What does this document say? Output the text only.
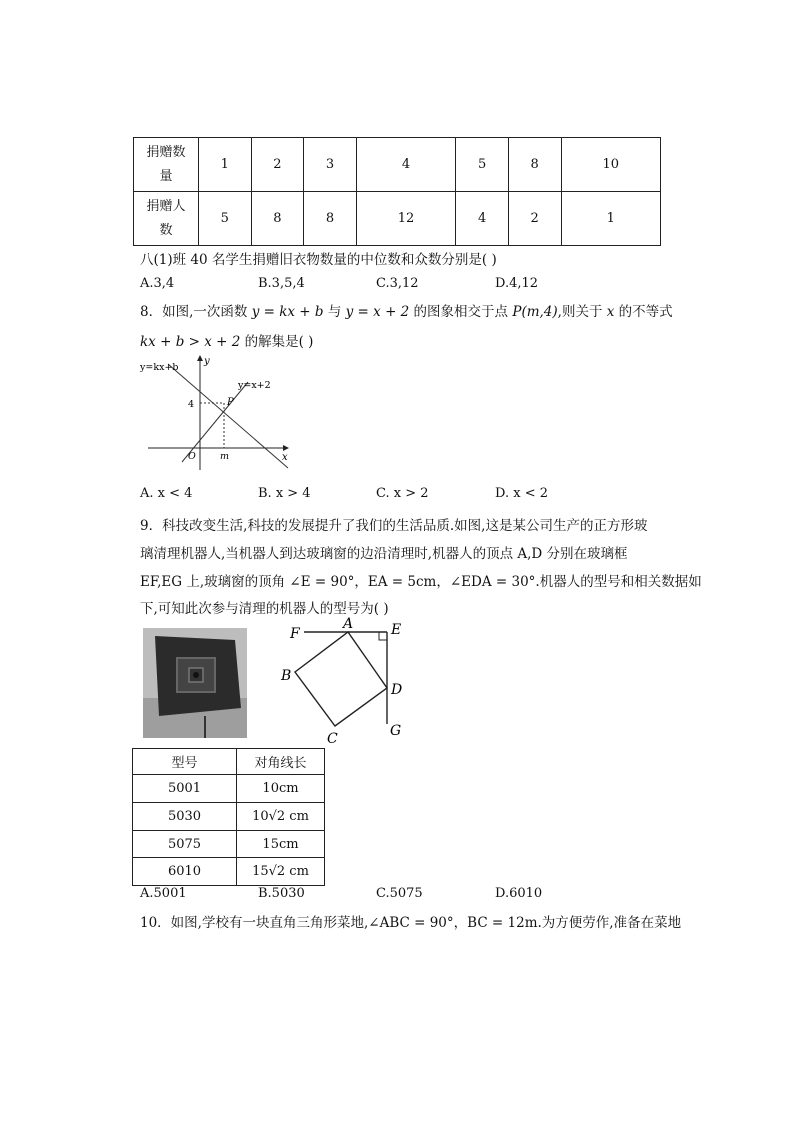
捐赠数
量	1	2	3	4	5	8	10

捐赠人
数	5	8	8	12	4	2	1
八(1)班 40 名学生捐赠旧衣物数量的中位数和众数分别是( )
A.3,4	B.3,5,4	C.3,12	D.4,12
8．如图,一次函数 y = kx + b 与 y = x + 2 的图象相交于点 P(m,4),则关于 x 的不等式
kx + b > x + 2 的解集是( )
y=kx+b
y=x+2
y
x
O
P
4
m
A. x < 4	B. x > 4	C. x > 2	D. x < 2
9．科技改变生活,科技的发展提升了我们的生活品质.如图,这是某公司生产的正方形玻
璃清理机器人,当机器人到达玻璃窗的边沿清理时,机器人的顶点 A,D 分别在玻璃框
EF,EG 上,玻璃窗的顶角 ∠E = 90°，EA = 5cm，∠EDA = 30°.机器人的型号和相关数据如
下,可知此次参与清理的机器人的型号为( )
F
A	E
B
D
C	G
型号	对角线长
5001	10cm
5030	10√2 cm
5075	15cm
6010	15√2 cm
A.5001	B.5030	C.5075	D.6010
10．如图,学校有一块直角三角形菜地,∠ABC = 90°，BC = 12m.为方便劳作,准备在菜地
